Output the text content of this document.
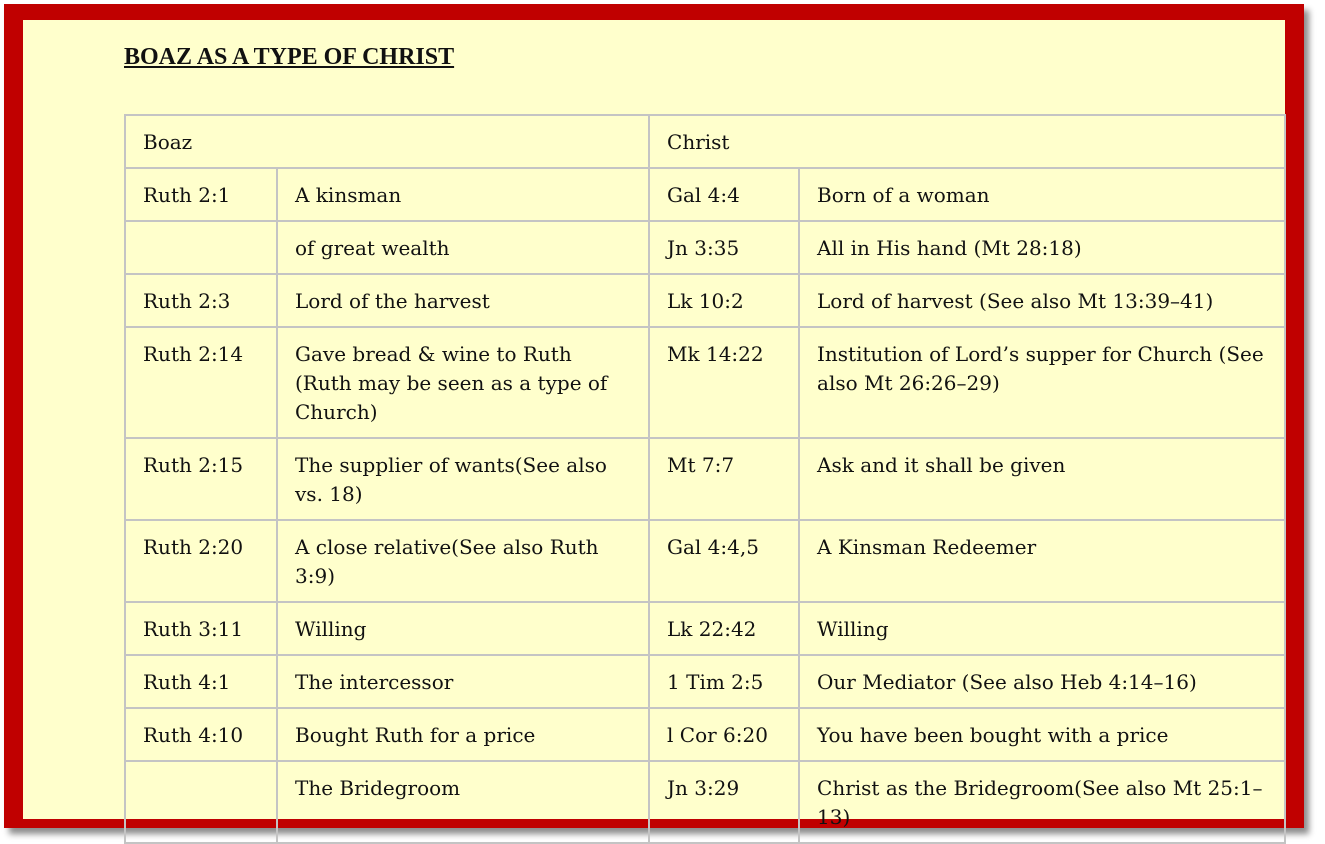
BOAZ AS A TYPE OF CHRIST
Boaz		Christ	
Ruth 2:1	A kinsman	Gal 4:4	Born of a woman
	of great wealth	Jn 3:35	All in His hand (Mt 28:18)
Ruth 2:3	Lord of the harvest	Lk 10:2	Lord of harvest (See also Mt 13:39–41)
Ruth 2:14	Gave bread & wine to Ruth (Ruth may be seen as a type of Church)	Mk 14:22	Institution of Lord’s supper for Church (See also Mt 26:26–29)
Ruth 2:15	The supplier of wants(See also vs. 18)	Mt 7:7	Ask and it shall be given
Ruth 2:20	A close relative(See also Ruth 3:9)	Gal 4:4,5	A Kinsman Redeemer
Ruth 3:11	Willing	Lk 22:42	Willing
Ruth 4:1	The intercessor	1 Tim 2:5	Our Mediator (See also Heb 4:14–16)
Ruth 4:10	Bought Ruth for a price	l Cor 6:20	You have been bought with a price
	The Bridegroom	Jn 3:29	Christ as the Bridegroom(See also Mt 25:1–13)
